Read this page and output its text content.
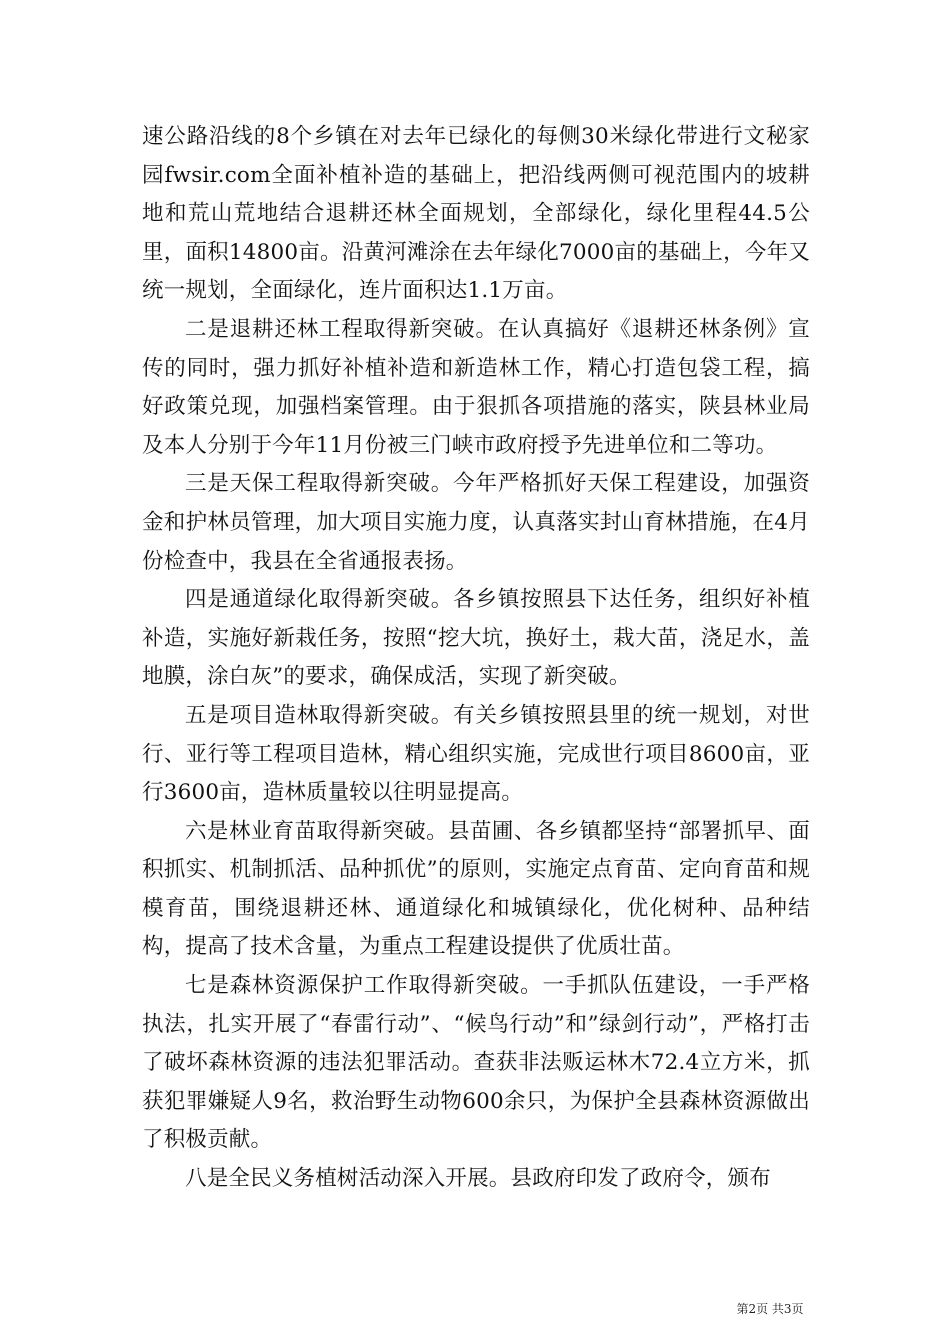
速公路沿线的8个乡镇在对去年已绿化的每侧30米绿化带进行文秘家园fwsir.com全面补植补造的基础上，把沿线两侧可视范围内的坡耕地和荒山荒地结合退耕还林全面规划，全部绿化，绿化里程44.5公里，面积14800亩。沿黄河滩涂在去年绿化7000亩的基础上，今年又统一规划，全面绿化，连片面积达1.1万亩。

二是退耕还林工程取得新突破。在认真搞好《退耕还林条例》宣传的同时，强力抓好补植补造和新造林工作，精心打造包袋工程，搞好政策兑现，加强档案管理。由于狠抓各项措施的落实，陕县林业局及本人分别于今年11月份被三门峡市政府授予先进单位和二等功。

三是天保工程取得新突破。今年严格抓好天保工程建设，加强资金和护林员管理，加大项目实施力度，认真落实封山育林措施，在4月份检查中，我县在全省通报表扬。

四是通道绿化取得新突破。各乡镇按照县下达任务，组织好补植补造，实施好新栽任务，按照“挖大坑，换好土，栽大苗，浇足水，盖地膜，涂白灰”的要求，确保成活，实现了新突破。

五是项目造林取得新突破。有关乡镇按照县里的统一规划，对世行、亚行等工程项目造林，精心组织实施，完成世行项目8600亩，亚行3600亩，造林质量较以往明显提高。

六是林业育苗取得新突破。县苗圃、各乡镇都坚持“部署抓早、面积抓实、机制抓活、品种抓优”的原则，实施定点育苗、定向育苗和规模育苗，围绕退耕还林、通道绿化和城镇绿化，优化树种、品种结构，提高了技术含量，为重点工程建设提供了优质壮苗。

七是森林资源保护工作取得新突破。一手抓队伍建设，一手严格执法，扎实开展了“春雷行动”、“候鸟行动”和”绿剑行动”，严格打击了破坏森林资源的违法犯罪活动。查获非法贩运林木72.4立方米，抓获犯罪嫌疑人9名，救治野生动物600余只，为保护全县森林资源做出了积极贡献。

八是全民义务植树活动深入开展。县政府印发了政府令，颁布

第2页 共3页
